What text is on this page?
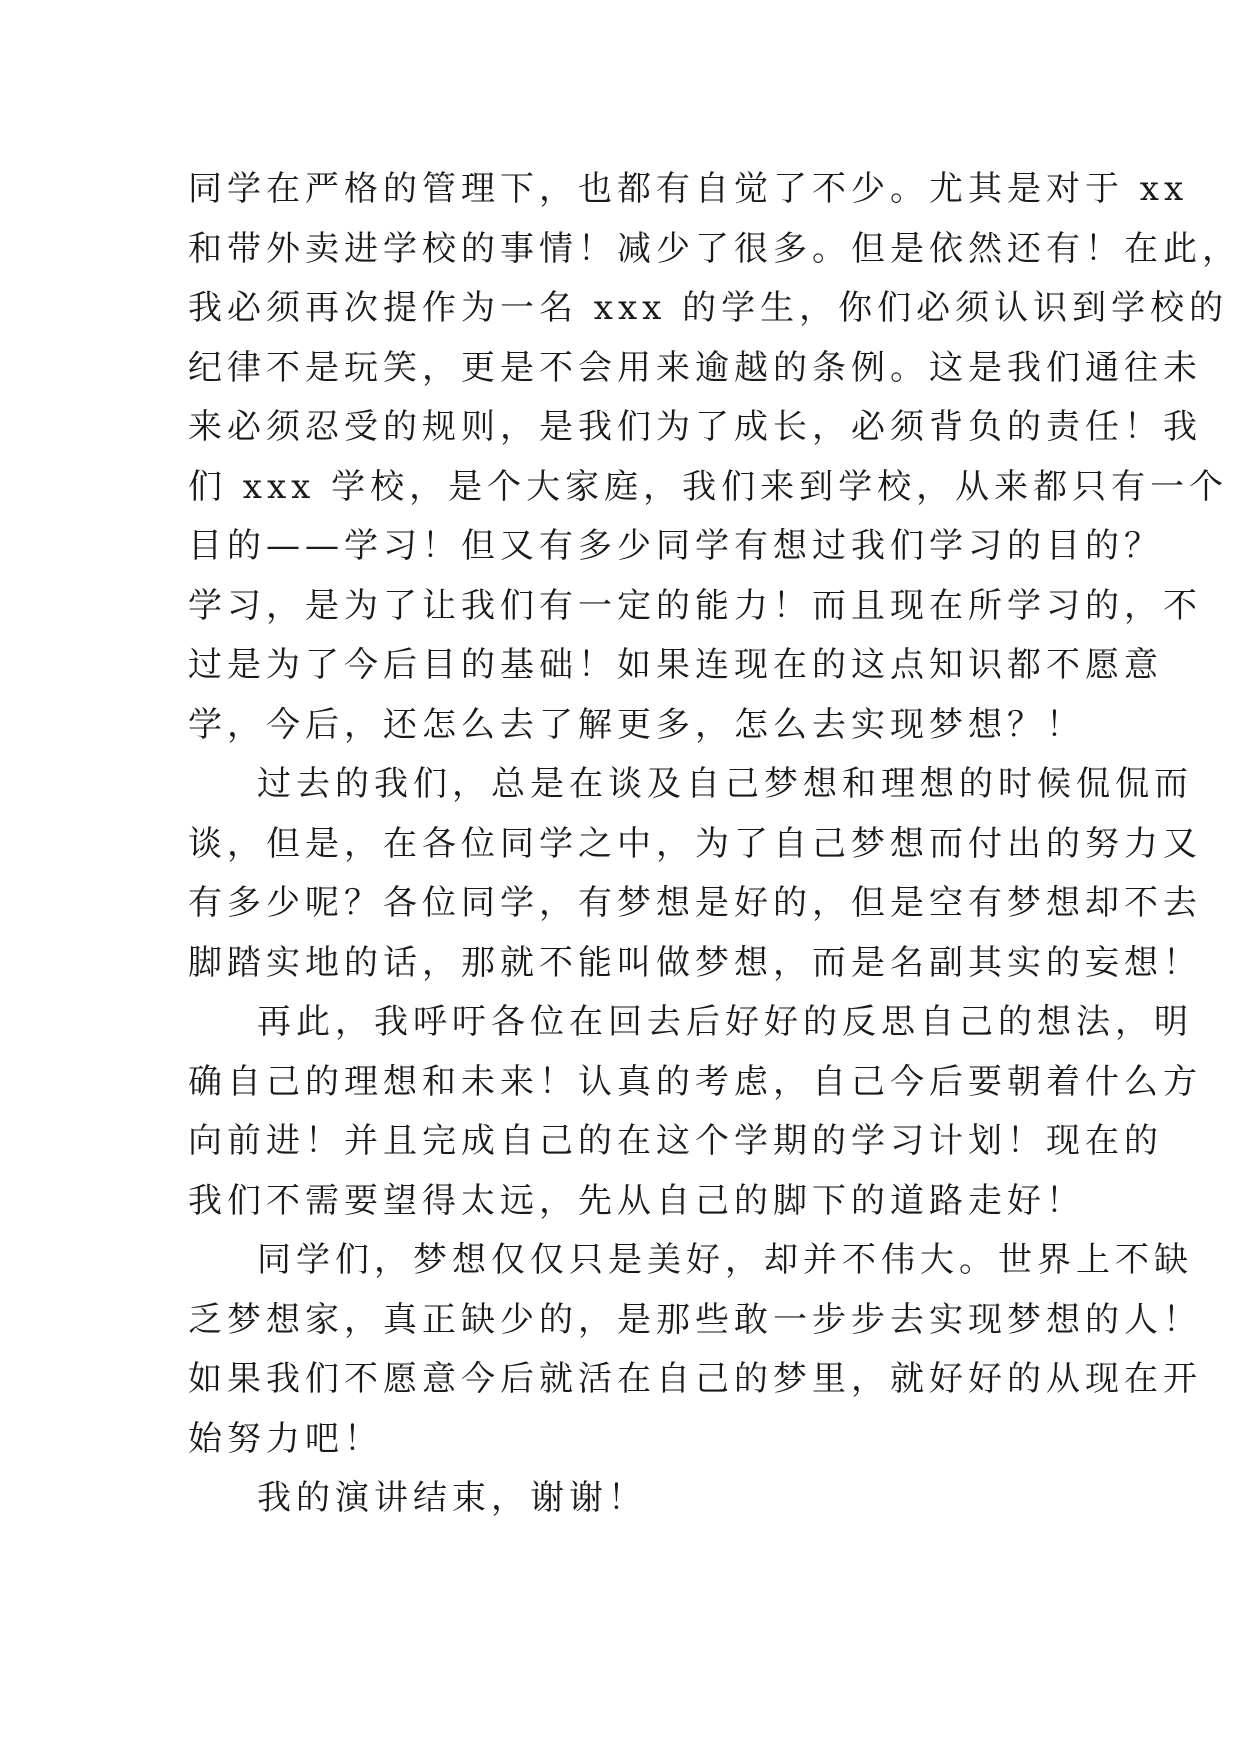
同学在严格的管理下，也都有自觉了不少。尤其是对于 xx
和带外卖进学校的事情！减少了很多。但是依然还有！在此，
我必须再次提作为一名 xxx 的学生，你们必须认识到学校的
纪律不是玩笑，更是不会用来逾越的条例。这是我们通往未
来必须忍受的规则，是我们为了成长，必须背负的责任！我
们 xxx 学校，是个大家庭，我们来到学校，从来都只有一个
目的——学习！但又有多少同学有想过我们学习的目的？
学习，是为了让我们有一定的能力！而且现在所学习的，不
过是为了今后目的基础！如果连现在的这点知识都不愿意
学，今后，还怎么去了解更多，怎么去实现梦想？！
过去的我们，总是在谈及自己梦想和理想的时候侃侃而
谈，但是，在各位同学之中，为了自己梦想而付出的努力又
有多少呢？各位同学，有梦想是好的，但是空有梦想却不去
脚踏实地的话，那就不能叫做梦想，而是名副其实的妄想！
再此，我呼吁各位在回去后好好的反思自己的想法，明
确自己的理想和未来！认真的考虑，自己今后要朝着什么方
向前进！并且完成自己的在这个学期的学习计划！现在的
我们不需要望得太远，先从自己的脚下的道路走好！
同学们，梦想仅仅只是美好，却并不伟大。世界上不缺
乏梦想家，真正缺少的，是那些敢一步步去实现梦想的人！
如果我们不愿意今后就活在自己的梦里，就好好的从现在开
始努力吧！
我的演讲结束，谢谢！
